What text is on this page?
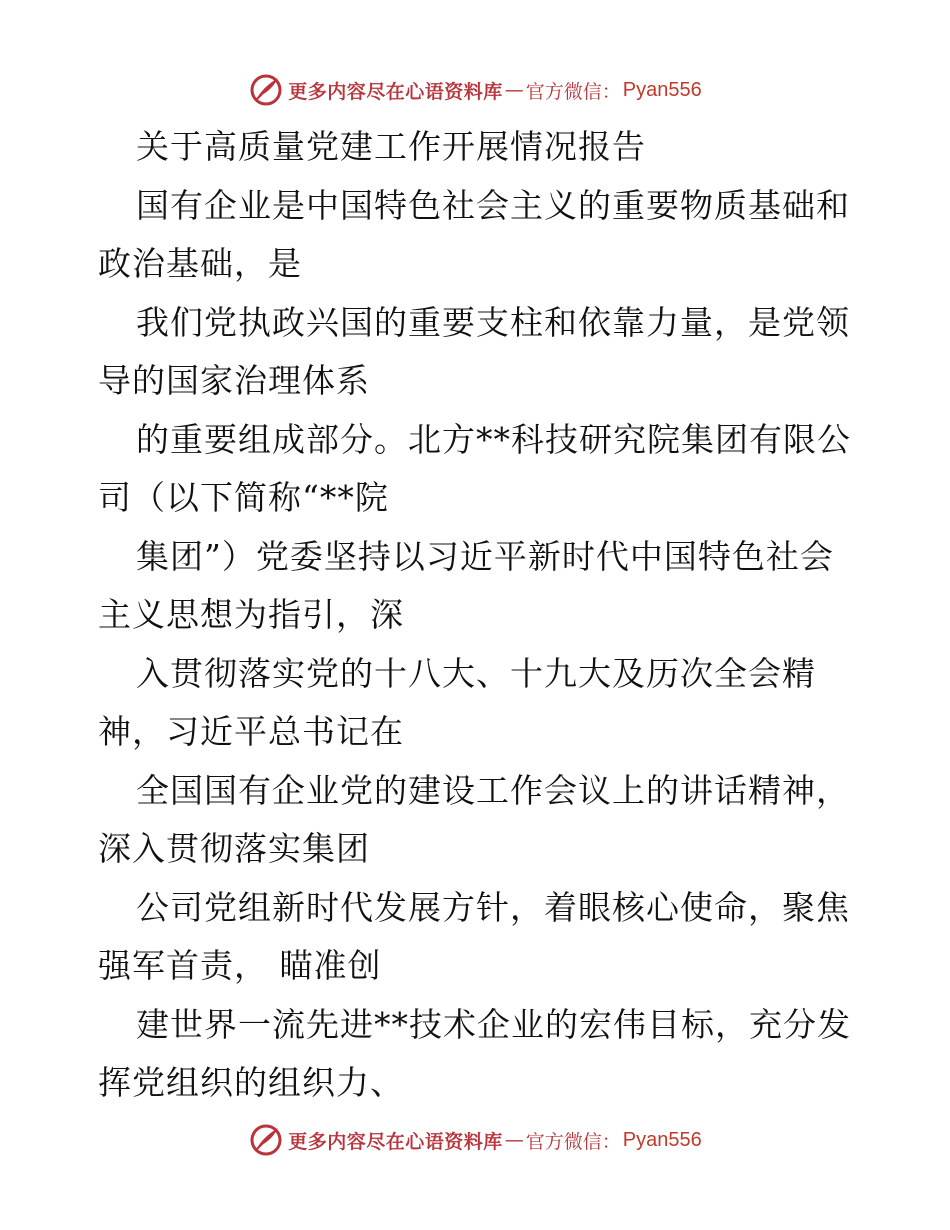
更多内容尽在心语资料库 — 官方微信： Pyan556
关于高质量党建工作开展情况报告
国有企业是中国特色社会主义的重要物质基础和
政治基础，是
我们党执政兴国的重要支柱和依靠力量，是党领
导的国家治理体系
的重要组成部分。北方**科技研究院集团有限公
司（以下简称“**院
集团”）党委坚持以习近平新时代中国特色社会
主义思想为指引，深
入贯彻落实党的十八大、十九大及历次全会精
神，习近平总书记在
全国国有企业党的建设工作会议上的讲话精神，
深入贯彻落实集团
公司党组新时代发展方针，着眼核心使命，聚焦
强军首责， 瞄准创
建世界一流先进**技术企业的宏伟目标，充分发
挥党组织的组织力、
更多内容尽在心语资料库 — 官方微信： Pyan556
